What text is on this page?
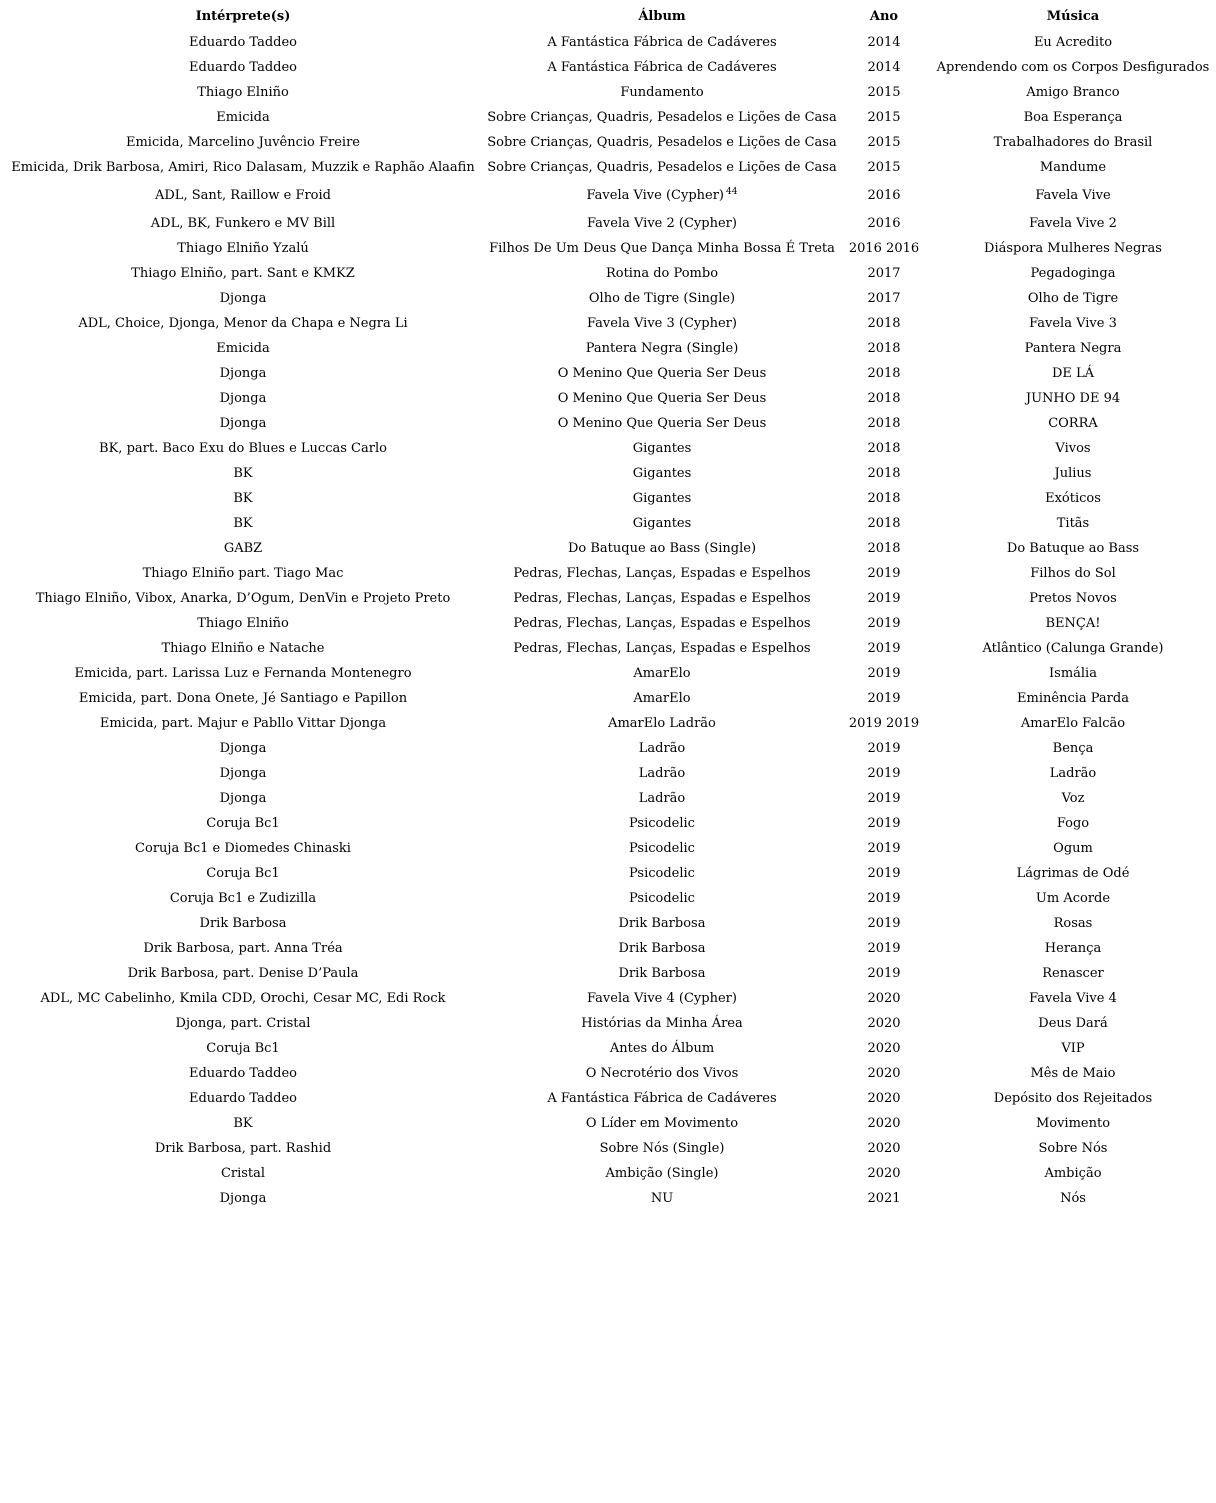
Intérprete(s)	Álbum	Ano	Música
Eduardo Taddeo	A Fantástica Fábrica de Cadáveres	2014	Eu Acredito
Eduardo Taddeo	A Fantástica Fábrica de Cadáveres	2014	Aprendendo com os Corpos Desfigurados
Thiago Elniño	Fundamento	2015	Amigo Branco
Emicida	Sobre Crianças, Quadris, Pesadelos e Lições de Casa	2015	Boa Esperança
Emicida, Marcelino Juvêncio Freire	Sobre Crianças, Quadris, Pesadelos e Lições de Casa	2015	Trabalhadores do Brasil
Emicida, Drik Barbosa, Amiri, Rico Dalasam, Muzzik e Raphão Alaafin	Sobre Crianças, Quadris, Pesadelos e Lições de Casa	2015	Mandume
ADL, Sant, Raillow e Froid	Favela Vive (Cypher) $^{44}$	2016	Favela Vive
ADL, BK, Funkero e MV Bill	Favela Vive 2 (Cypher)	2016	Favela Vive 2
Thiago Elniño Yzalú	Filhos De Um Deus Que Dança Minha Bossa É Treta	2016 2016	Diáspora Mulheres Negras
Thiago Elniño, part. Sant e KMKZ	Rotina do Pombo	2017	Pegadoginga
Djonga	Olho de Tigre (Single)	2017	Olho de Tigre
ADL, Choice, Djonga, Menor da Chapa e Negra Li	Favela Vive 3 (Cypher)	2018	Favela Vive 3
Emicida	Pantera Negra (Single)	2018	Pantera Negra
Djonga	O Menino Que Queria Ser Deus	2018	DE LÁ
Djonga	O Menino Que Queria Ser Deus	2018	JUNHO DE 94
Djonga	O Menino Que Queria Ser Deus	2018	CORRA
BK, part. Baco Exu do Blues e Luccas Carlo	Gigantes	2018	Vivos
BK	Gigantes	2018	Julius
BK	Gigantes	2018	Exóticos
BK	Gigantes	2018	Titãs
GABZ	Do Batuque ao Bass (Single)	2018	Do Batuque ao Bass
Thiago Elniño part. Tiago Mac	Pedras, Flechas, Lanças, Espadas e Espelhos	2019	Filhos do Sol
Thiago Elniño, Vibox, Anarka, D’Ogum, DenVin e Projeto Preto	Pedras, Flechas, Lanças, Espadas e Espelhos	2019	Pretos Novos
Thiago Elniño	Pedras, Flechas, Lanças, Espadas e Espelhos	2019	BENÇA!
Thiago Elniño e Natache	Pedras, Flechas, Lanças, Espadas e Espelhos	2019	Atlântico (Calunga Grande)
Emicida, part. Larissa Luz e Fernanda Montenegro	AmarElo	2019	Ismália
Emicida, part. Dona Onete, Jé Santiago e Papillon	AmarElo	2019	Eminência Parda
Emicida, part. Majur e Pabllo Vittar Djonga	AmarElo Ladrão	2019 2019	AmarElo Falcão
Djonga	Ladrão	2019	Bença
Djonga	Ladrão	2019	Ladrão
Djonga	Ladrão	2019	Voz
Coruja Bc1	Psicodelic	2019	Fogo
Coruja Bc1 e Diomedes Chinaski	Psicodelic	2019	Ogum
Coruja Bc1	Psicodelic	2019	Lágrimas de Odé
Coruja Bc1 e Zudizilla	Psicodelic	2019	Um Acorde
Drik Barbosa	Drik Barbosa	2019	Rosas
Drik Barbosa, part. Anna Tréa	Drik Barbosa	2019	Herança
Drik Barbosa, part. Denise D’Paula	Drik Barbosa	2019	Renascer
ADL, MC Cabelinho, Kmila CDD, Orochi, Cesar MC, Edi Rock	Favela Vive 4 (Cypher)	2020	Favela Vive 4
Djonga, part. Cristal	Histórias da Minha Área	2020	Deus Dará
Coruja Bc1	Antes do Álbum	2020	VIP
Eduardo Taddeo	O Necrotério dos Vivos	2020	Mês de Maio
Eduardo Taddeo	A Fantástica Fábrica de Cadáveres	2020	Depósito dos Rejeitados
BK	O Líder em Movimento	2020	Movimento
Drik Barbosa, part. Rashid	Sobre Nós (Single)	2020	Sobre Nós
Cristal	Ambição (Single)	2020	Ambição
Djonga	NU	2021	Nós
